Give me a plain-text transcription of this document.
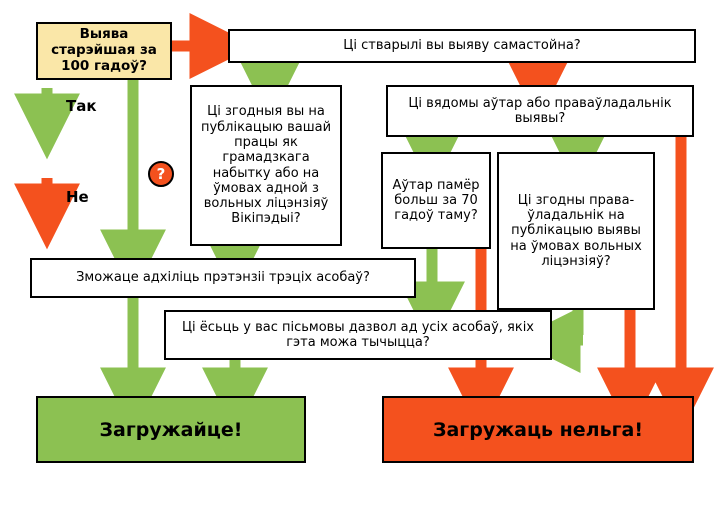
Выява старэйшая за 100 гадоў?
Ці стварылі вы выяву самастойна?
Ці згодныя вы на публікацыю вашай працы як грамадзкага набытку або на ўмовах адной з вольных ліцэнзіяў Вікіпэдыі?
Ці вядомы аўтар або праваўладальнік выявы?
Аўтар памёр больш за 70 гадоў таму?
Ці згодны права-ўладальнік на публікацыю выявы на ўмовах вольных ліцэнзіяў?
Зможаце адхіліць прэтэнзіі трэціх асобаў?
Ці ёсьць у вас пісьмовы дазвол ад усіх асобаў, якіх гэта можа тычыцца?
Загружайце!	Загружаць нельга!
?
Так
Не
